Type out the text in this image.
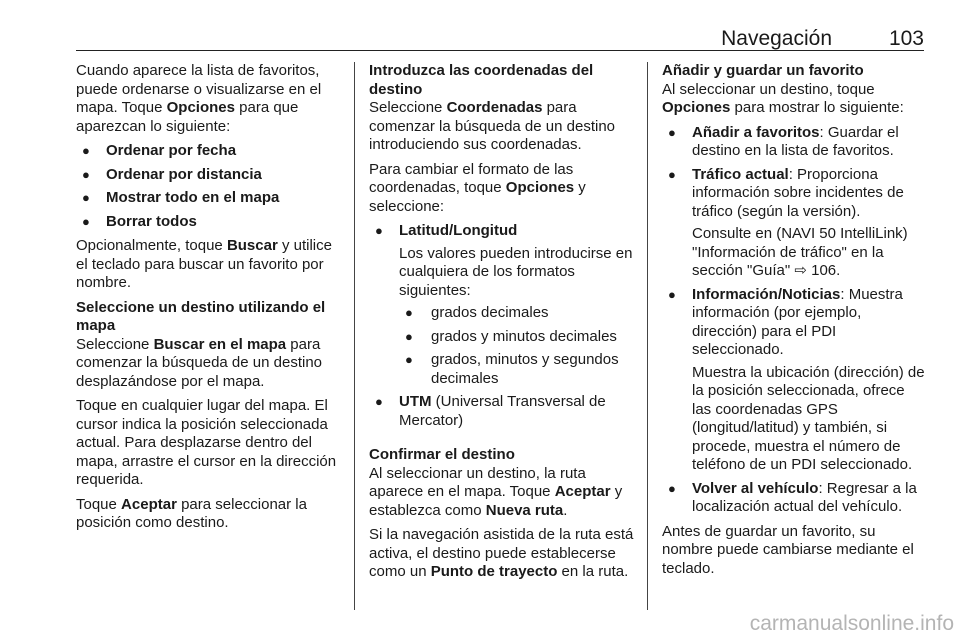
Navegación	103

Cuando aparece la lista de favoritos, puede ordenarse o visualizarse en el mapa. Toque Opciones para que aparezcan lo siguiente:

● Ordenar por fecha
● Ordenar por distancia
● Mostrar todo en el mapa
● Borrar todos

Opcionalmente, toque Buscar y utilice el teclado para buscar un favorito por nombre.

Seleccione un destino utilizando el mapa

Seleccione Buscar en el mapa para comenzar la búsqueda de un destino desplazándose por el mapa.

Toque en cualquier lugar del mapa. El cursor indica la posición seleccionada actual. Para desplazarse dentro del mapa, arrastre el cursor en la dirección requerida.

Toque Aceptar para seleccionar la posición como destino.

Introduzca las coordenadas del destino

Seleccione Coordenadas para comenzar la búsqueda de un destino introduciendo sus coordenadas.

Para cambiar el formato de las coordenadas, toque Opciones y seleccione:

● Latitud/Longitud

Los valores pueden introducirse en cualquiera de los formatos siguientes:

● grados decimales
● grados y minutos decimales
● grados, minutos y segundos decimales
● UTM (Universal Transversal de Mercator)

Confirmar el destino

Al seleccionar un destino, la ruta aparece en el mapa. Toque Aceptar y establezca como Nueva ruta.

Si la navegación asistida de la ruta está activa, el destino puede establecerse como un Punto de trayecto en la ruta.

Añadir y guardar un favorito

Al seleccionar un destino, toque Opciones para mostrar lo siguiente:

● Añadir a favoritos: Guardar el destino en la lista de favoritos.
● Tráfico actual: Proporciona información sobre incidentes de tráfico (según la versión).

Consulte en (NAVI 50 IntelliLink) "Información de tráfico" en la sección "Guía" ⇨ 106.

● Información/Noticias: Muestra información (por ejemplo, dirección) para el PDI seleccionado.

Muestra la ubicación (dirección) de la posición seleccionada, ofrece las coordenadas GPS (longitud/latitud) y también, si procede, muestra el número de teléfono de un PDI seleccionado.

● Volver al vehículo: Regresar a la localización actual del vehículo.

Antes de guardar un favorito, su nombre puede cambiarse mediante el teclado.

carmanualsonline.info
